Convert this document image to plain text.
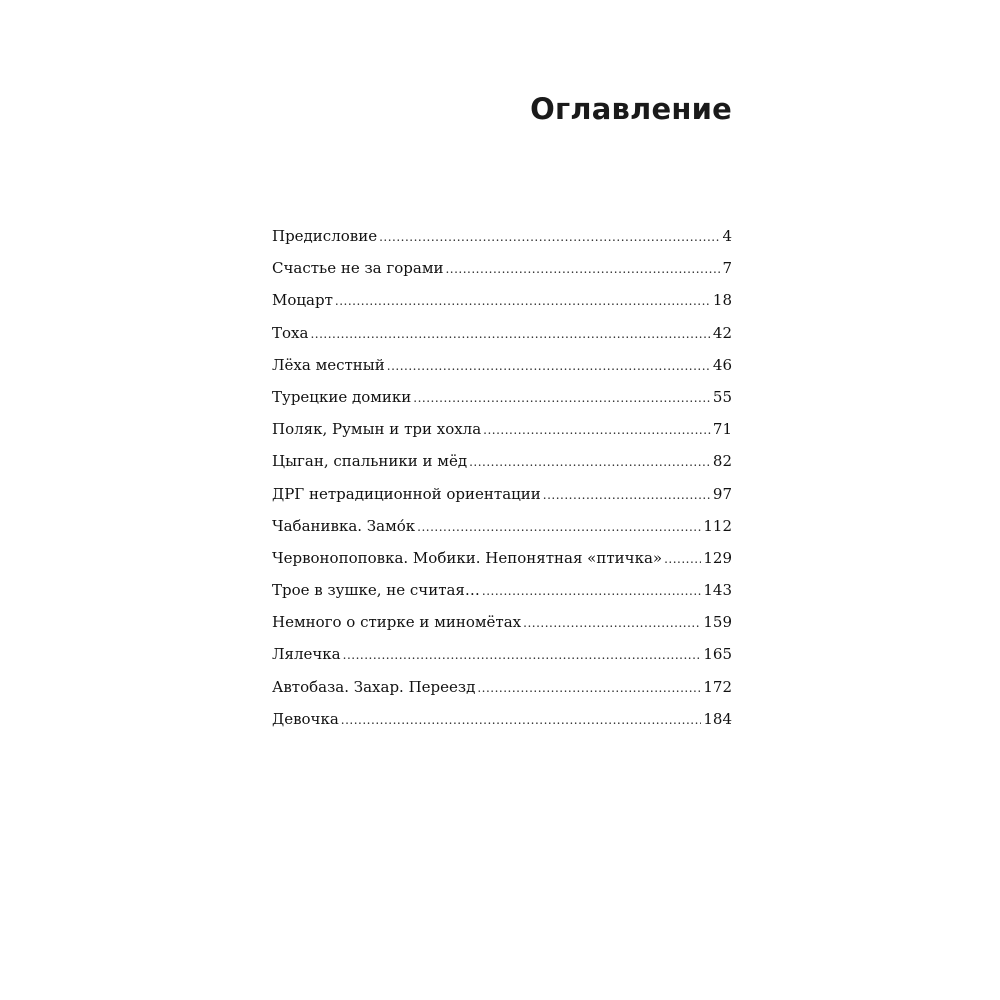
Оглавление
Предисловие .....	4
Счастье не за горами .....	7
Моцарт .....	18
Тоха .....	42
Лёха местный .....	46
Турецкие домики .....	55
Поляк, Румын и три хохла .....	71
Цыган, спальники и мёд .....	82
ДРГ нетрадиционной ориентации .....	97
Чабанивка. Замо́к .....	112
Червонопоповка. Мобики. Непонятная «птичка» .....	129
Трое в зушке, не считая… .....	143
Немного о стирке и миномётах .....	159
Лялечка .....	165
Автобаза. Захар. Переезд .....	172
Девочка .....	184
